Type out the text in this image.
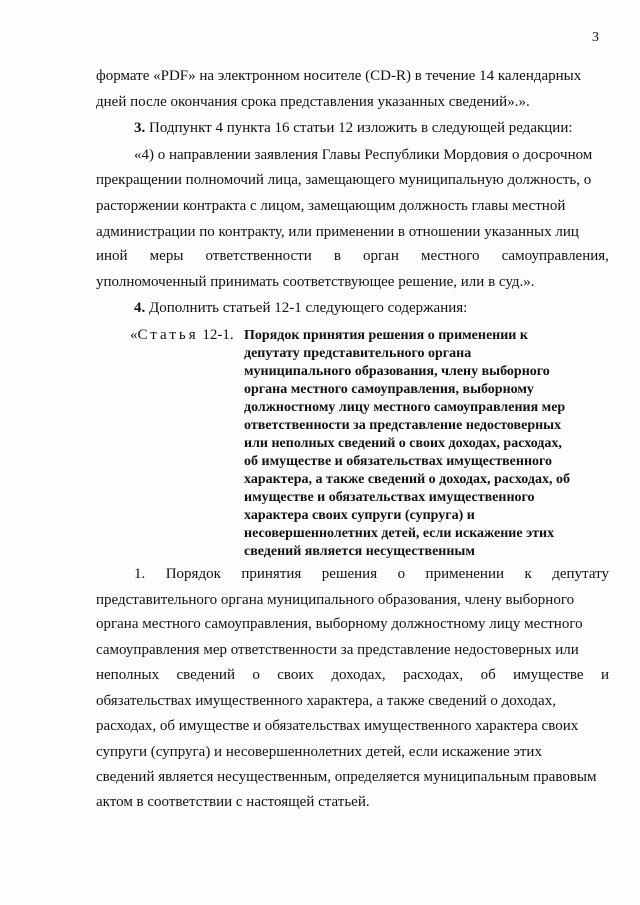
3
формате «PDF» на электронном носителе (CD-R) в течение 14 календарных
дней после окончания срока представления указанных сведений».».
3. Подпункт 4 пункта 16 статьи 12 изложить в следующей редакции:
«4) о направлении заявления Главы Республики Мордовия о досрочном
прекращении полномочий лица, замещающего муниципальную должность, о
расторжении контракта с лицом, замещающим должность главы местной
администрации по контракту, или применении в отношении указанных лиц
иной меры ответственности в орган местного самоуправления,
уполномоченный принимать соответствующее решение, или в суд.».
4. Дополнить статьей 12-1 следующего содержания:
«Статья 12-1. Порядок принятия решения о применении к
депутату представительного органа
муниципального образования, члену выборного
органа местного самоуправления, выборному
должностному лицу местного самоуправления мер
ответственности за представление недостоверных
или неполных сведений о своих доходах, расходах,
об имуществе и обязательствах имущественного
характера, а также сведений о доходах, расходах, об
имуществе и обязательствах имущественного
характера своих супруги (супруга) и
несовершеннолетних детей, если искажение этих
сведений является несущественным
1. Порядок принятия решения о применении к депутату
представительного органа муниципального образования, члену выборного
органа местного самоуправления, выборному должностному лицу местного
самоуправления мер ответственности за представление недостоверных или
неполных сведений о своих доходах, расходах, об имуществе и
обязательствах имущественного характера, а также сведений о доходах,
расходах, об имуществе и обязательствах имущественного характера своих
супруги (супруга) и несовершеннолетних детей, если искажение этих
сведений является несущественным, определяется муниципальным правовым
актом в соответствии с настоящей статьей.
